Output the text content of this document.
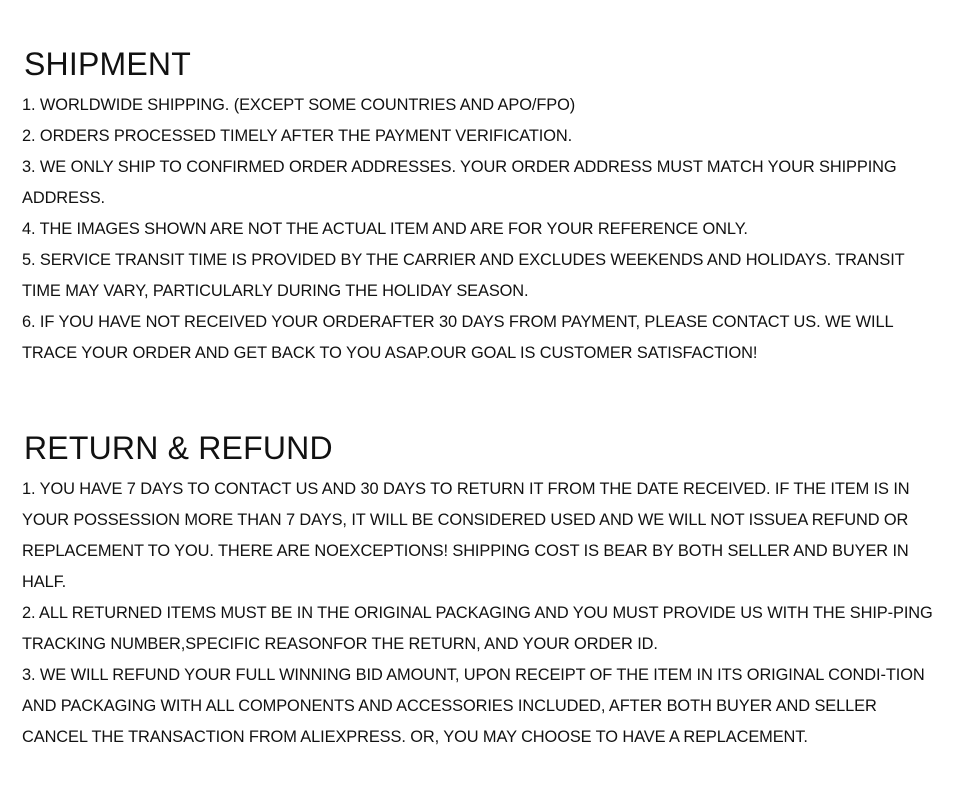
SHIPMENT
1. WORLDWIDE SHIPPING. (EXCEPT SOME COUNTRIES AND APO/FPO)
2. ORDERS PROCESSED TIMELY AFTER THE PAYMENT VERIFICATION.
3. WE ONLY SHIP TO CONFIRMED ORDER ADDRESSES. YOUR ORDER ADDRESS MUST MATCH YOUR SHIPPING ADDRESS.
4. THE IMAGES SHOWN ARE NOT THE ACTUAL ITEM AND ARE FOR YOUR REFERENCE ONLY.
5. SERVICE TRANSIT TIME IS PROVIDED BY THE CARRIER AND EXCLUDES WEEKENDS AND HOLIDAYS. TRANSIT TIME MAY VARY, PARTICULARLY DURING THE HOLIDAY SEASON.
6. IF YOU HAVE NOT RECEIVED YOUR ORDERAFTER 30 DAYS FROM PAYMENT, PLEASE CONTACT US. WE WILL TRACE YOUR ORDER AND GET BACK TO YOU ASAP.OUR GOAL IS CUSTOMER SATISFACTION!
RETURN & REFUND
1. YOU HAVE 7 DAYS TO CONTACT US AND 30 DAYS TO RETURN IT FROM THE DATE RECEIVED. IF THE ITEM IS IN YOUR POSSESSION MORE THAN 7 DAYS, IT WILL BE CONSIDERED USED AND WE WILL NOT ISSUEA REFUND OR REPLACEMENT TO YOU. THERE ARE NOEXCEPTIONS! SHIPPING COST IS BEAR BY BOTH SELLER AND BUYER IN HALF.
2. ALL RETURNED ITEMS MUST BE IN THE ORIGINAL PACKAGING AND YOU MUST PROVIDE US WITH THE SHIP-PING TRACKING NUMBER,SPECIFIC REASONFOR THE RETURN, AND YOUR ORDER ID.
3. WE WILL REFUND YOUR FULL WINNING BID AMOUNT, UPON RECEIPT OF THE ITEM IN ITS ORIGINAL CONDI-TION AND PACKAGING WITH ALL COMPONENTS AND ACCESSORIES INCLUDED, AFTER BOTH BUYER AND SELLER CANCEL THE TRANSACTION FROM ALIEXPRESS. OR, YOU MAY CHOOSE TO HAVE A REPLACEMENT.
